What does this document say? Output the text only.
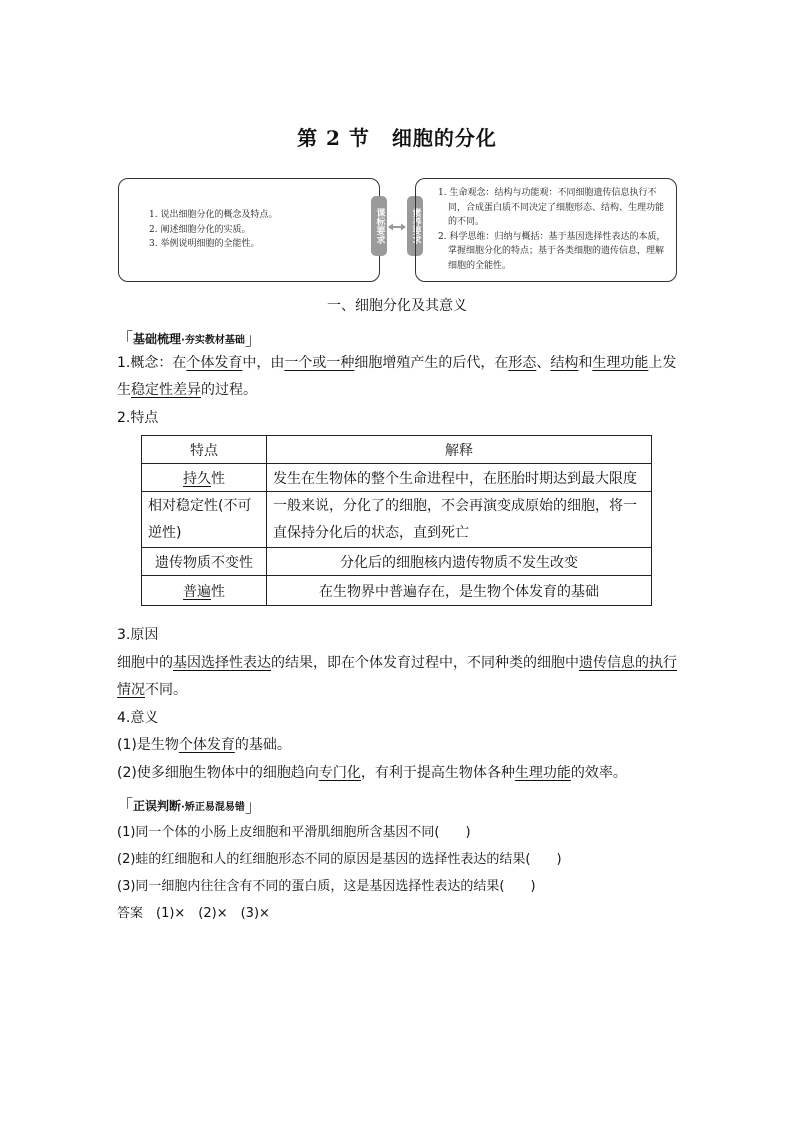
第 2 节 细胞的分化
1. 说出细胞分化的概念及特点。
2. 阐述细胞分化的实质。
3. 举例说明细胞的全能性。	课标要求	素养要求
1. 生命观念：结构与功能观：不同细胞遗传信息执行不同，合成蛋白质不同决定了细胞形态、结构、生理功能的不同。
2. 科学思维：归纳与概括：基于基因选择性表达的本质，掌握细胞分化的特点；基于各类细胞的遗传信息，理解细胞的全能性。
一、细胞分化及其意义
「基础梳理·夯实教材基础」
1.概念：在个体发育中，由一个或一种细胞增殖产生的后代，在形态、结构和生理功能上发生稳定性差异的过程。
2.特点
特点	解释
持久性	发生在生物体的整个生命进程中，在胚胎时期达到最大限度
相对稳定性(不可逆性)	一般来说，分化了的细胞，不会再演变成原始的细胞，将一直保持分化后的状态，直到死亡
遗传物质不变性	分化后的细胞核内遗传物质不发生改变
普遍性	在生物界中普遍存在，是生物个体发育的基础
3.原因
细胞中的基因选择性表达的结果，即在个体发育过程中，不同种类的细胞中遗传信息的执行情况不同。
4.意义
(1)是生物个体发育的基础。
(2)使多细胞生物体中的细胞趋向专门化，有利于提高生物体各种生理功能的效率。
「正误判断·矫正易混易错」
(1)同一个体的小肠上皮细胞和平滑肌细胞所含基因不同(　　)
(2)蛙的红细胞和人的红细胞形态不同的原因是基因的选择性表达的结果(　　)
(3)同一细胞内往往含有不同的蛋白质，这是基因选择性表达的结果(　　)
答案　(1)×　(2)×　(3)×
